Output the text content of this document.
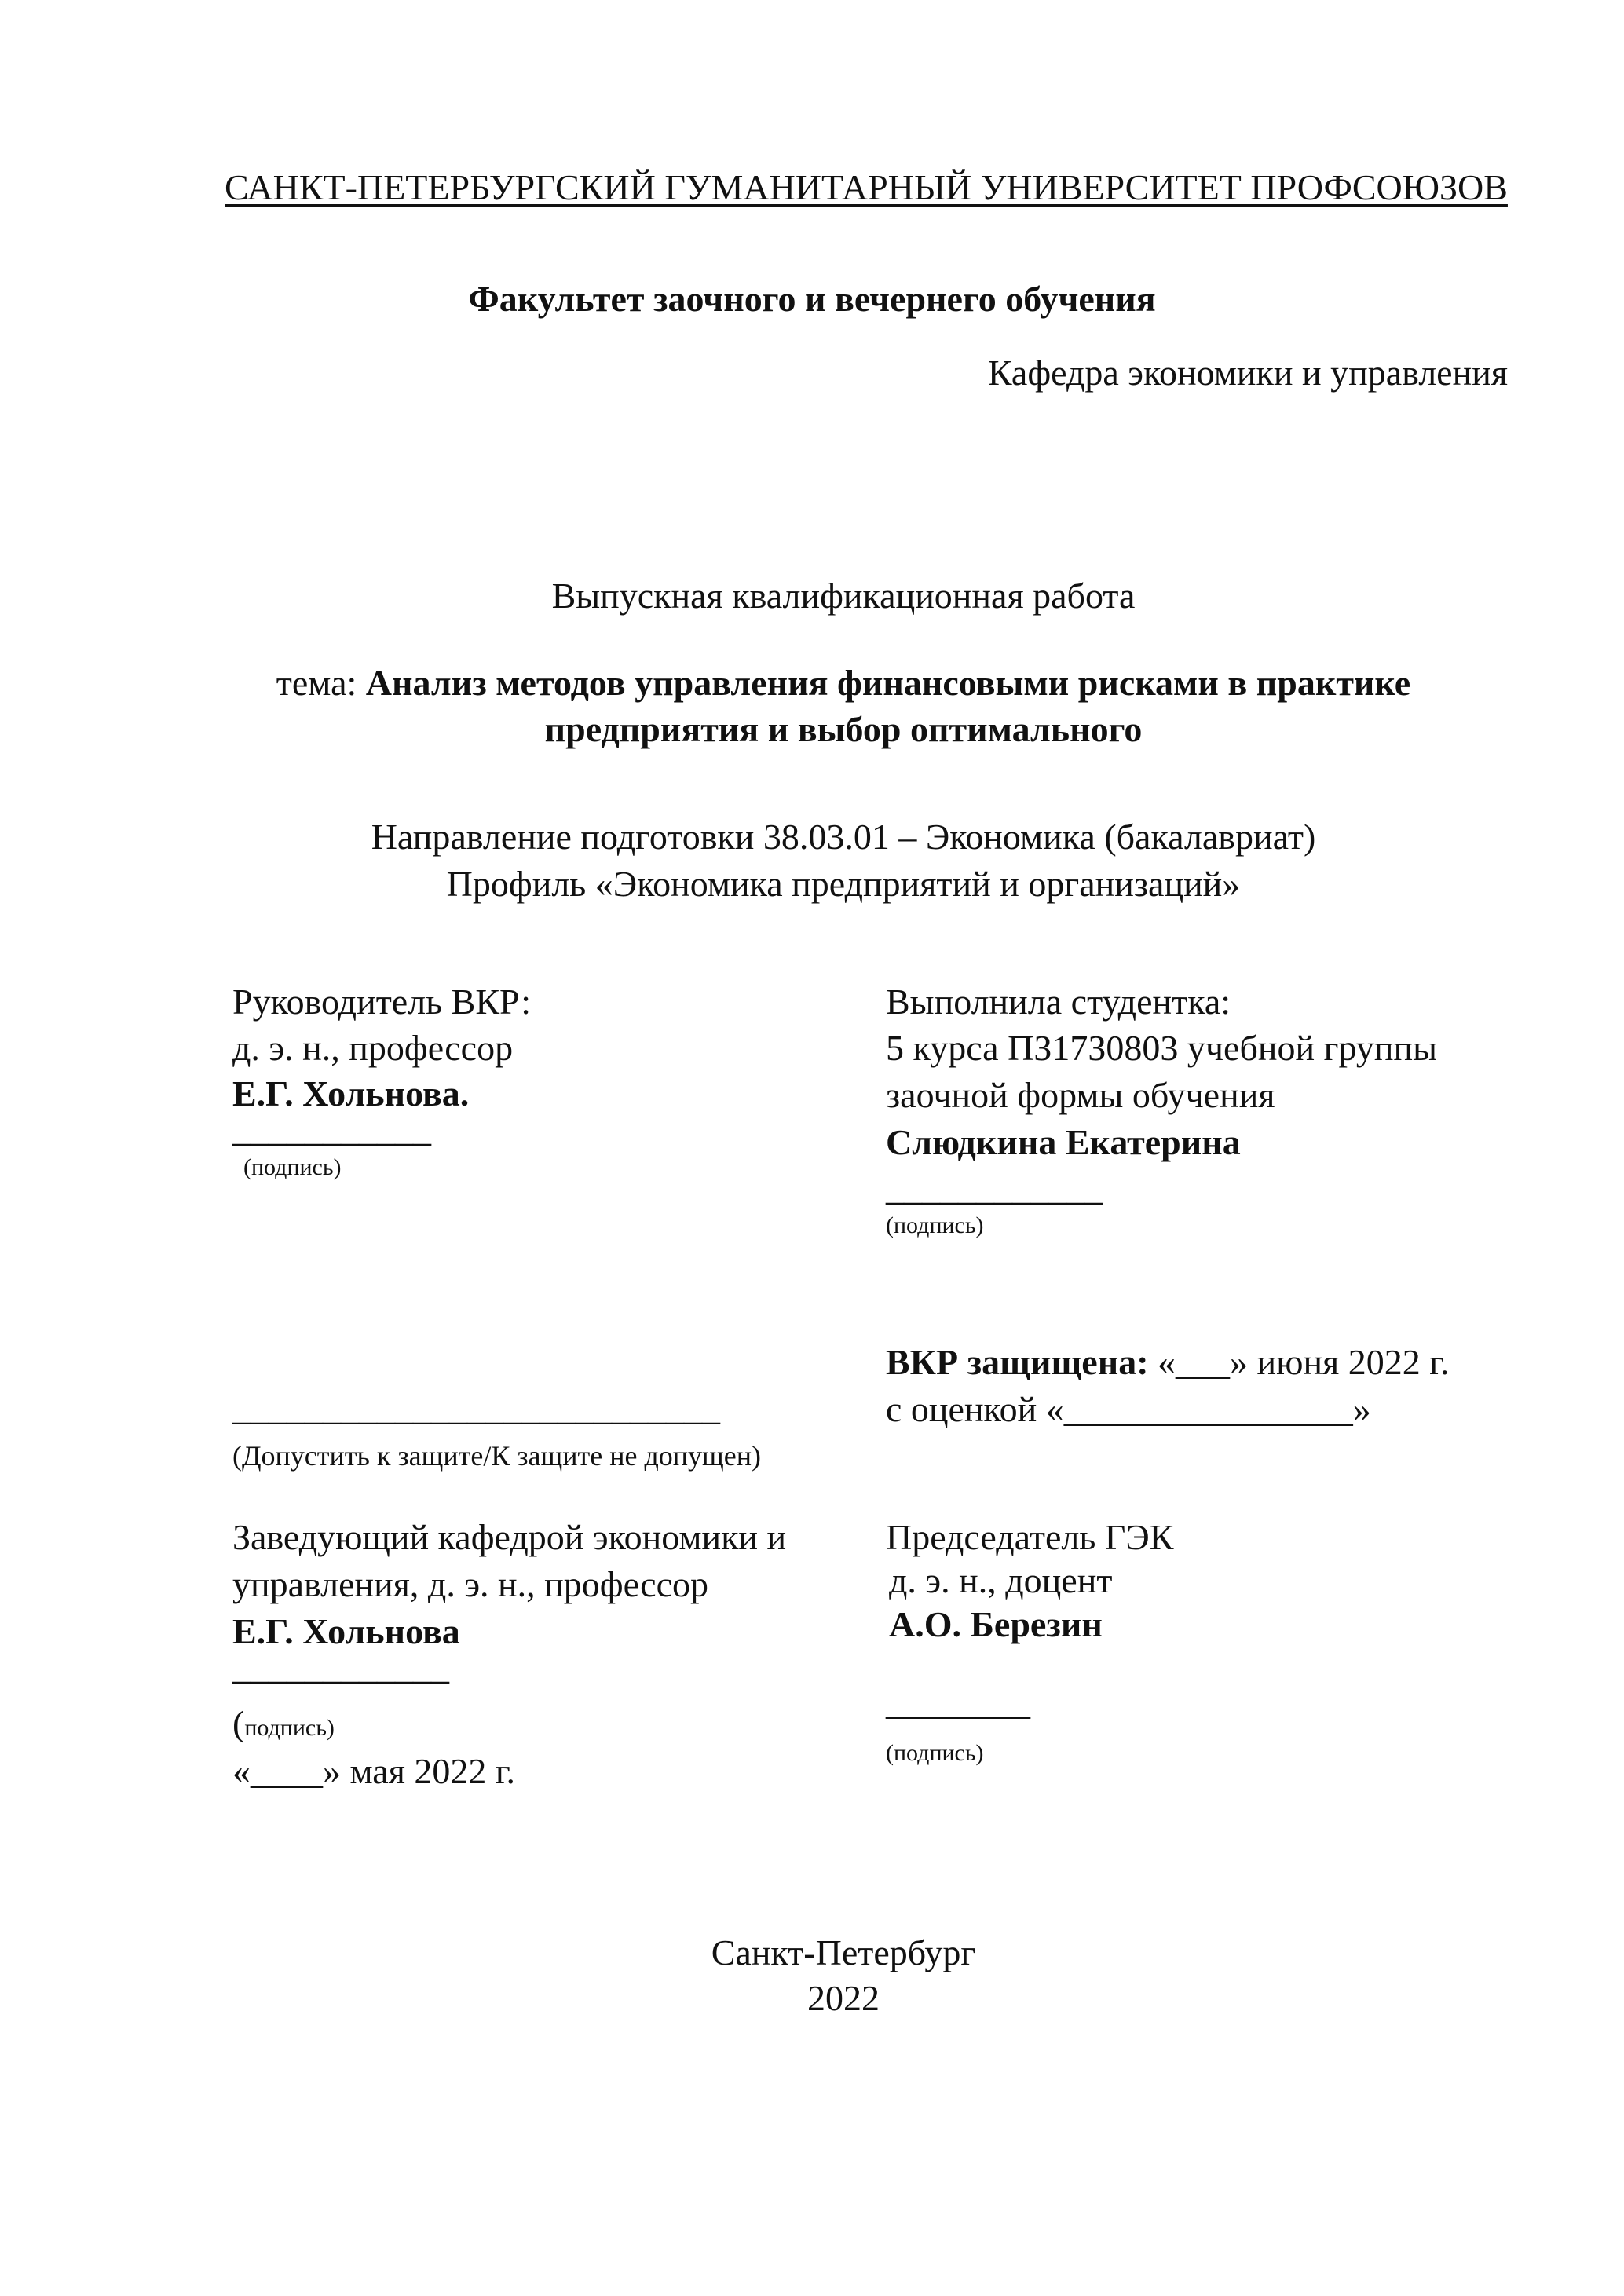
САНКТ-ПЕТЕРБУРГСКИЙ ГУМАНИТАРНЫЙ УНИВЕРСИТЕТ ПРОФСОЮЗОВ
Факультет заочного и вечернего обучения
Кафедра экономики и управления
Выпускная квалификационная работа
тема: Анализ методов управления финансовыми рисками в практике
предприятия и выбор оптимального
Направление подготовки 38.03.01 – Экономика (бакалавриат)
Профиль «Экономика предприятий и организаций»
Руководитель ВКР:
д. э. н., профессор
Е.Г. Хольнова.
___________
(подпись)
Выполнила студентка:
5 курса ПЗ17З0803 учебной группы
заочной формы обучения
Слюдкина Екатерина
____________
(подпись)
___________________________
(Допустить к защите/К защите не допущен)
ВКР защищена: «___» июня 2022 г.
с оценкой «________________»
Заведующий кафедрой экономики и
управления, д. э. н., профессор
Е.Г. Хольнова
____________
(подпись)
«____» мая 2022 г.
Председатель ГЭК
д. э. н., доцент
А.О. Березин
________
(подпись)
Санкт-Петербург
2022
